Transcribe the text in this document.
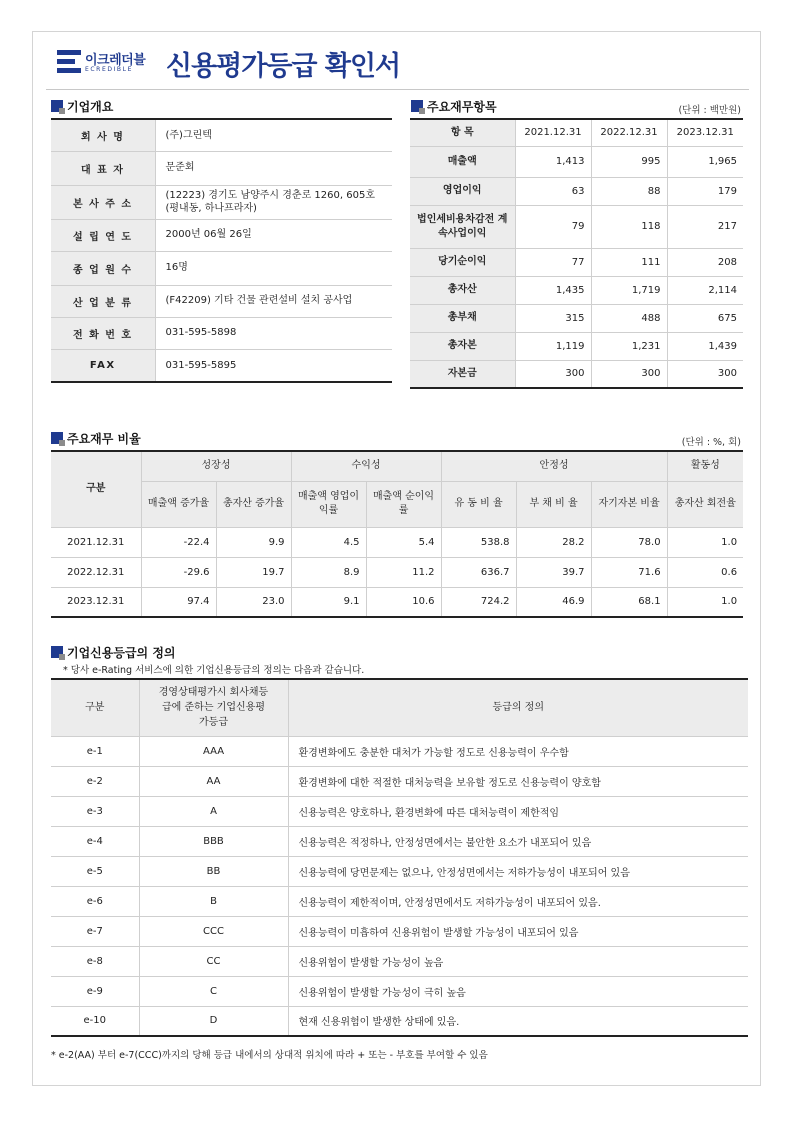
이크레더블
ECREDIBLE 신용평가등급 확인서
기업개요
회 사 명	(주)그린텍
대 표 자	문준회
본 사 주 소	(12223) 경기도 남양주시 경춘로 1260, 605호 (평내동, 하나프라자)
설 립 연 도	2000년 06월 26일
종 업 원 수	16명
산 업 분 류	(F42209) 기타 건물 관련설비 설치 공사업
전 화 번 호	031-595-5898
FAX	031-595-5895
주요재무항목	(단위 : 백만원)
항 목	2021.12.31	2022.12.31	2023.12.31
매출액	1,413	995	1,965
영업이익	63	88	179
법인세비용차감전 계속사업이익	79	118	217
당기순이익	77	111	208
총자산	1,435	1,719	2,114
총부채	315	488	675
총자본	1,119	1,231	1,439
자본금	300	300	300
주요재무 비율	(단위 : %, 회)
구분	성장성		수익성		안정성			활동성
	매출액 증가율	총자산 증가율	매출액 영업이익률	매출액 순이익률	유 동 비 율	부 채 비 율	자기자본 비율	총자산 회전율
2021.12.31	-22.4	9.9	4.5	5.4	538.8	28.2	78.0	1.0
2022.12.31	-29.6	19.7	8.9	11.2	636.7	39.7	71.6	0.6
2023.12.31	97.4	23.0	9.1	10.6	724.2	46.9	68.1	1.0
기업신용등급의 정의
* 당사 e-Rating 서비스에 의한 기업신용등급의 정의는 다음과 같습니다.
구분	경영상태평가시 회사채등급에 준하는 기업신용평가등급	등급의 정의
e-1	AAA	환경변화에도 충분한 대처가 가능할 정도로 신용능력이 우수함
e-2	AA	환경변화에 대한 적절한 대처능력을 보유할 정도로 신용능력이 양호함
e-3	A	신용능력은 양호하나, 환경변화에 따른 대처능력이 제한적임
e-4	BBB	신용능력은 적정하나, 안정성면에서는 불안한 요소가 내포되어 있음
e-5	BB	신용능력에 당면문제는 없으나, 안정성면에서는 저하가능성이 내포되어 있음
e-6	B	신용능력이 제한적이며, 안정성면에서도 저하가능성이 내포되어 있음.
e-7	CCC	신용능력이 미흡하여 신용위험이 발생할 가능성이 내포되어 있음
e-8	CC	신용위험이 발생할 가능성이 높음
e-9	C	신용위험이 발생할 가능성이 극히 높음
e-10	D	현재 신용위험이 발생한 상태에 있음.
* e-2(AA) 부터 e-7(CCC)까지의 당해 등급 내에서의 상대적 위치에 따라 + 또는 - 부호를 부여할 수 있음
